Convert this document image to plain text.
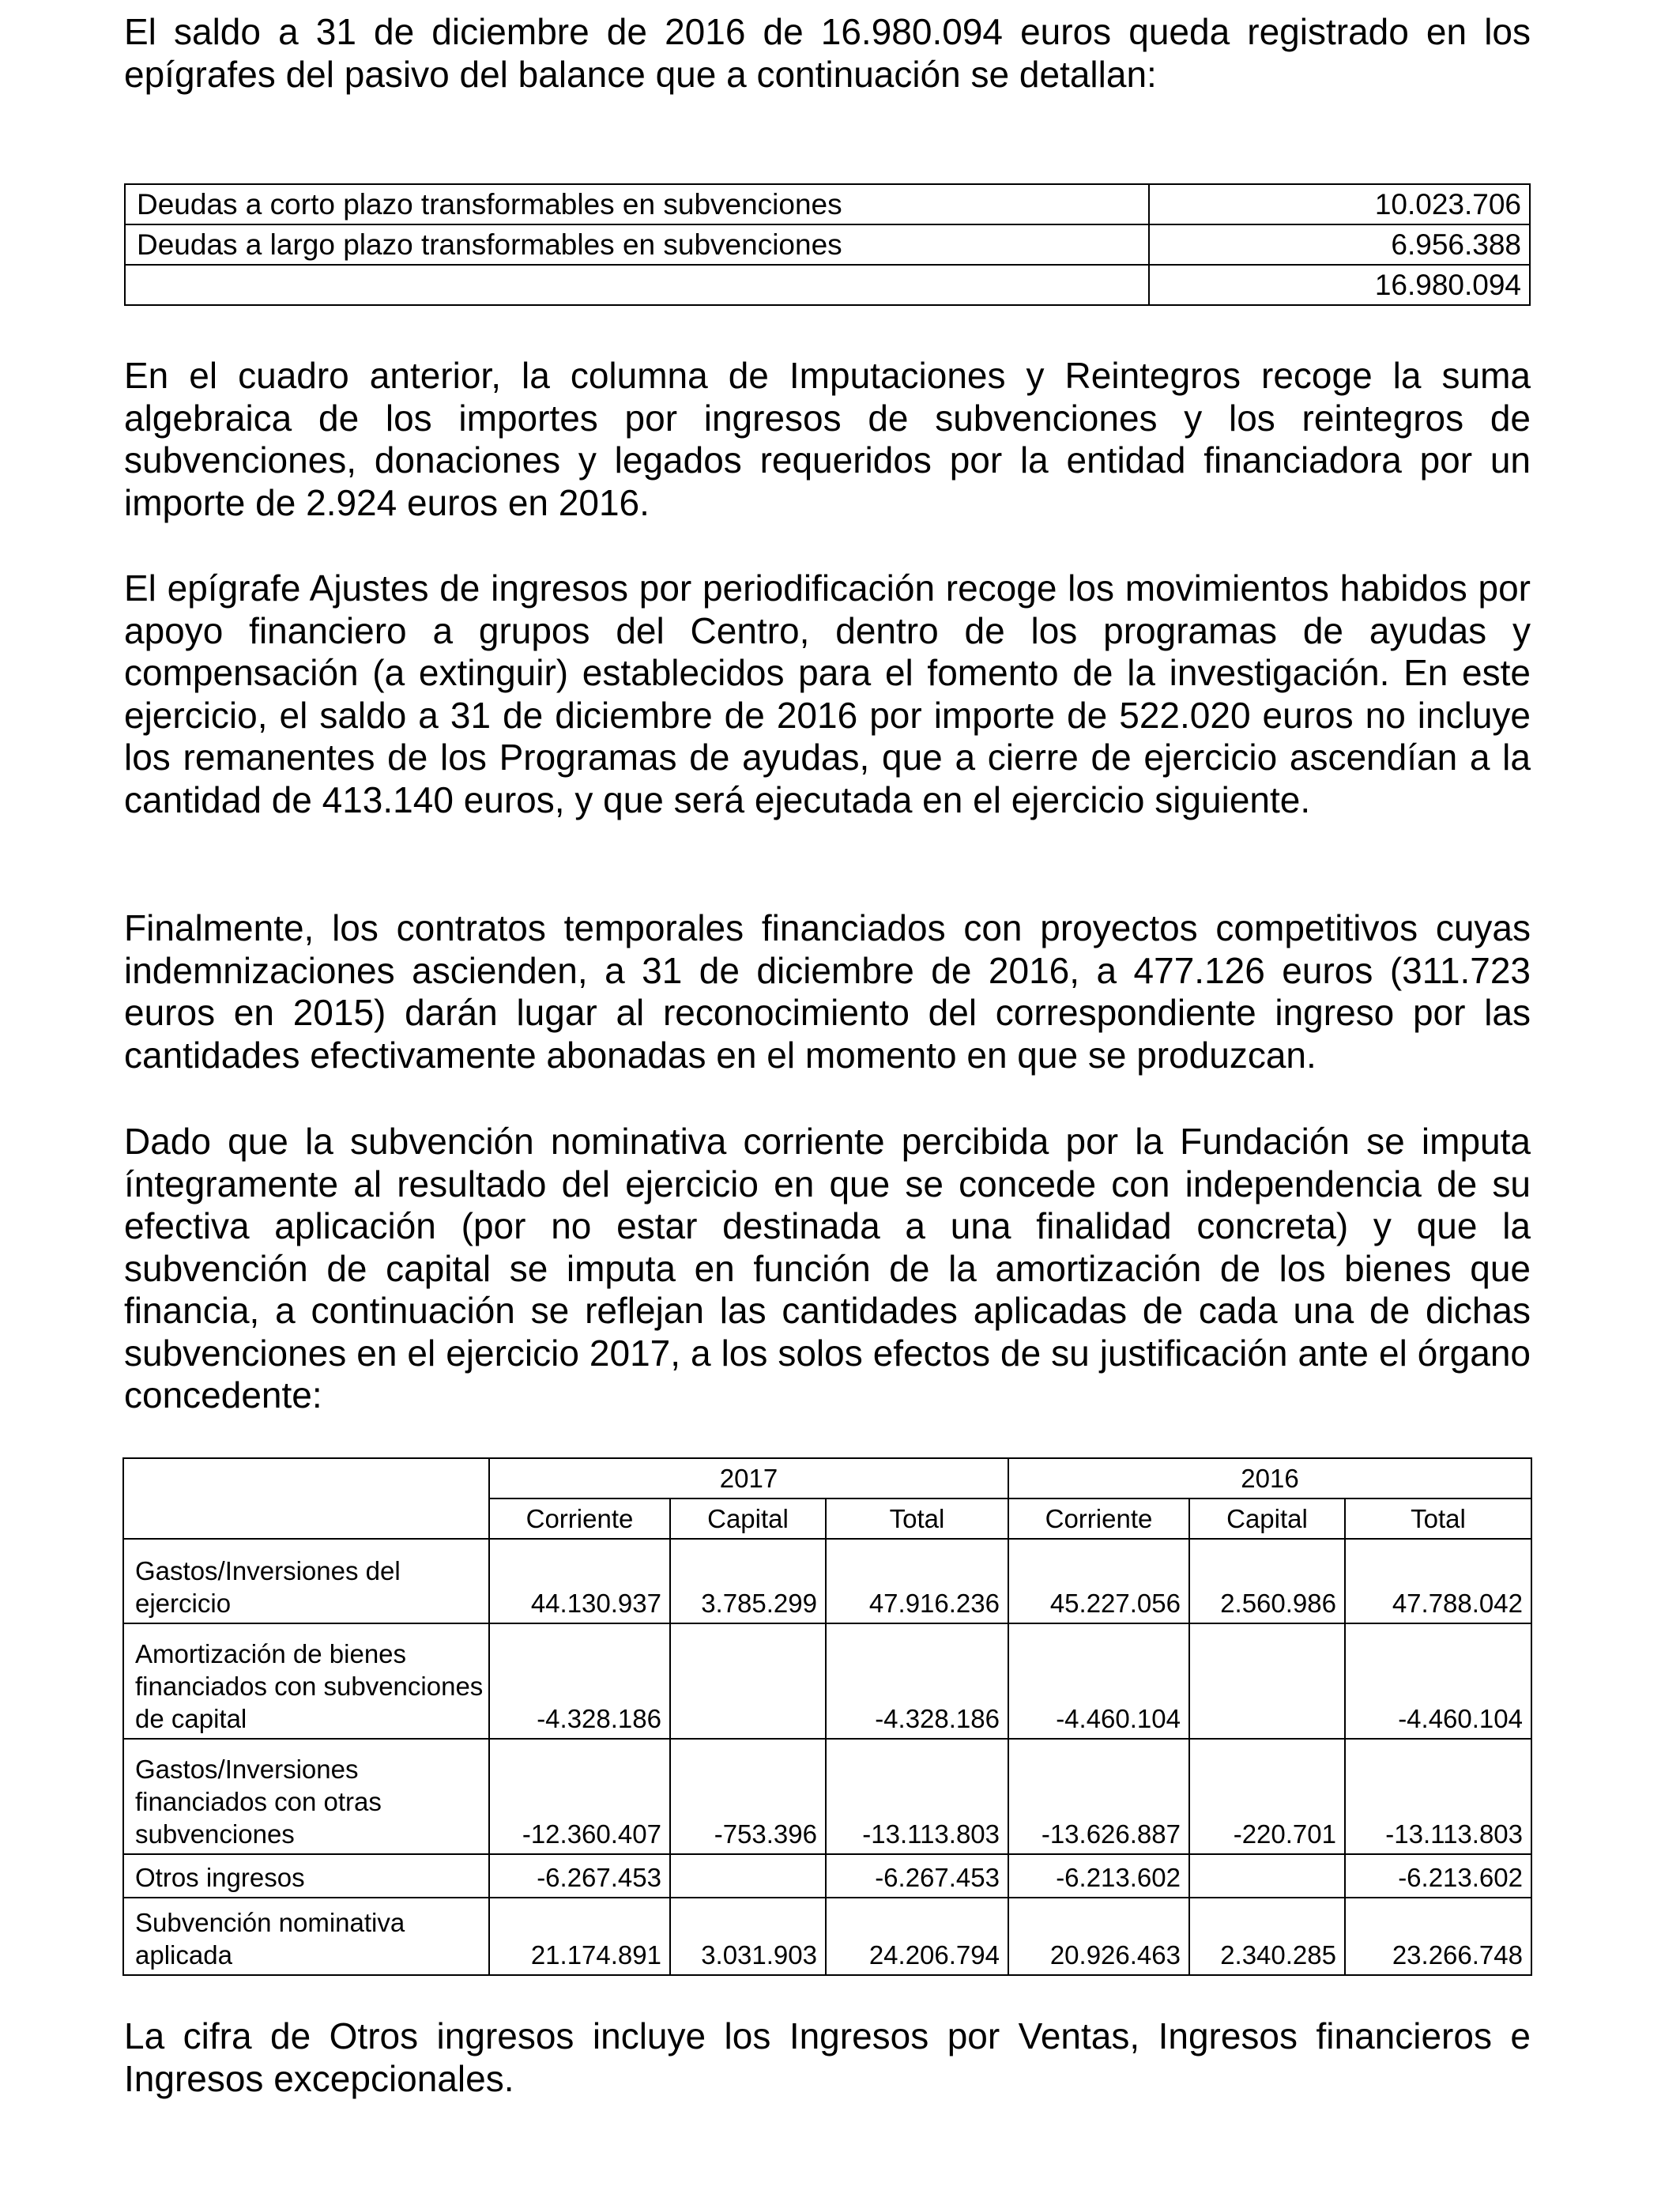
El saldo a 31 de diciembre de 2016 de 16.980.094 euros queda registrado en los epígrafes del pasivo del balance que a continuación se detallan:

Deudas a corto plazo transformables en subvenciones	10.023.706
Deudas a largo plazo transformables en subvenciones	6.956.388
	16.980.094

En el cuadro anterior, la columna de Imputaciones y Reintegros recoge la suma algebraica de los importes por ingresos de subvenciones y los reintegros de subvenciones, donaciones y legados requeridos por la entidad financiadora por un importe de 2.924 euros en 2016.

El epígrafe Ajustes de ingresos por periodificación recoge los movimientos habidos por apoyo financiero a grupos del Centro, dentro de los programas de ayudas y compensación (a extinguir) establecidos para el fomento de la investigación. En este ejercicio, el saldo a 31 de diciembre de 2016 por importe de 522.020 euros no incluye los remanentes de los Programas de ayudas, que a cierre de ejercicio ascendían a la cantidad de 413.140 euros, y que será ejecutada en el ejercicio siguiente.

Finalmente, los contratos temporales financiados con proyectos competitivos cuyas indemnizaciones ascienden, a 31 de diciembre de 2016, a 477.126 euros (311.723 euros en 2015) darán lugar al reconocimiento del correspondiente ingreso por las cantidades efectivamente abonadas en el momento en que se produzcan.

Dado que la subvención nominativa corriente percibida por la Fundación se imputa íntegramente al resultado del ejercicio en que se concede con independencia de su efectiva aplicación (por no estar destinada a una finalidad concreta) y que la subvención de capital se imputa en función de la amortización de los bienes que financia, a continuación se reflejan las cantidades aplicadas de cada una de dichas subvenciones en el ejercicio 2017, a los solos efectos de su justificación ante el órgano concedente:

	2017			2016		
	Corriente	Capital	Total	Corriente	Capital	Total
Gastos/Inversiones del ejercicio	44.130.937	3.785.299	47.916.236	45.227.056	2.560.986	47.788.042
Amortización de bienes financiados con subvenciones de capital	-4.328.186		-4.328.186	-4.460.104		-4.460.104
Gastos/Inversiones financiados con otras subvenciones	-12.360.407	-753.396	-13.113.803	-13.626.887	-220.701	-13.113.803
Otros ingresos	-6.267.453		-6.267.453	-6.213.602		-6.213.602
Subvención nominativa aplicada	21.174.891	3.031.903	24.206.794	20.926.463	2.340.285	23.266.748

La cifra de Otros ingresos incluye los Ingresos por Ventas, Ingresos financieros e Ingresos excepcionales.
